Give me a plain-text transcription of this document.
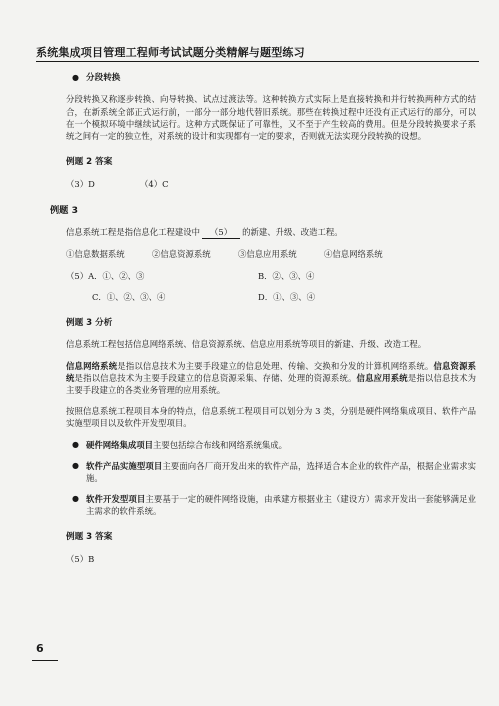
系统集成项目管理工程师考试试题分类精解与题型练习

● 分段转换

分段转换又称逐步转换、向导转换、试点过渡法等。这种转换方式实际上是直接转换和并行转换两种方式的结合，在新系统全部正式运行前，一部分一部分地代替旧系统。那些在转换过程中还没有正式运行的部分，可以在一个模拟环境中继续试运行。这种方式既保证了可靠性，又不至于产生较高的费用。但是分段转换要求子系统之间有一定的独立性，对系统的设计和实现都有一定的要求，否则就无法实现分段转换的设想。

例题 2 答案

（3）D	（4）C

例题 3

信息系统工程是指信息化工程建设中 （5） 的新建、升级、改造工程。

①信息数据系统	②信息资源系统	③信息应用系统	④信息网络系统
（5）A．①、②、③	B．②、③、④
C．①、②、③、④	D．①、③、④

例题 3 分析

信息系统工程包括信息网络系统、信息资源系统、信息应用系统等项目的新建、升级、改造工程。

信息网络系统是指以信息技术为主要手段建立的信息处理、传输、交换和分发的计算机网络系统。信息资源系统是指以信息技术为主要手段建立的信息资源采集、存储、处理的资源系统。信息应用系统是指以信息技术为主要手段建立的各类业务管理的应用系统。

按照信息系统工程项目本身的特点，信息系统工程项目可以划分为 3 类，分别是硬件网络集成项目、软件产品实施型项目以及软件开发型项目。

● 硬件网络集成项目主要包括综合布线和网络系统集成。

● 软件产品实施型项目主要面向各厂商开发出来的软件产品，选择适合本企业的软件产品，根据企业需求实施。

● 软件开发型项目主要基于一定的硬件网络设施，由承建方根据业主（建设方）需求开发出一套能够满足业主需求的软件系统。

例题 3 答案

（5）B

6
